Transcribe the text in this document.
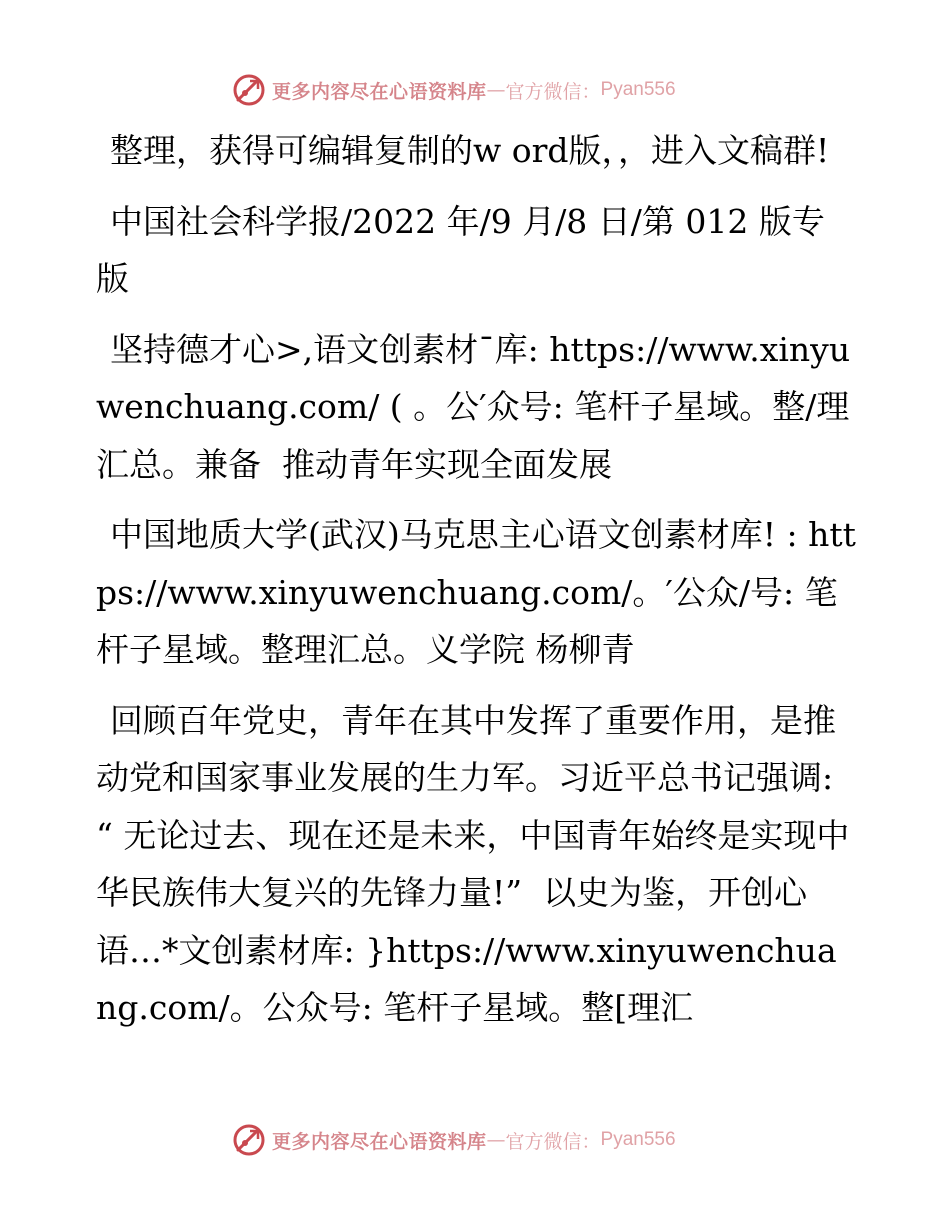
更多内容尽在心语资料库 — 官方微信： Pyan556

整理，获得可编辑复制的w ord版，，进入文稿群!

中国社会科学报/2022 年/9 月/8 日/第 012 版专版

坚持德才心>,语文创素材¯库: https://www.xinyuwenchuang.com/ ( 。公′众号: 笔杆子星域。整/理汇总。兼备  推动青年实现全面发展

中国地质大学(武汉)马克思主心语文创素材库! : https://www.xinyuwenchuang.com/。′公众/号: 笔杆子星域。整理汇总。义学院 杨柳青

回顾百年党史，青年在其中发挥了重要作用，是推动党和国家事业发展的生力军。习近平总书记强调: “ 无论过去、现在还是未来，中国青年始终是实现中华民族伟大复兴的先锋力量!”  以史为鉴，开创心语…*文创素材库: }https://www.xinyuwenchuang.com/。公众号: 笔杆子星域。整[理汇

更多内容尽在心语资料库 — 官方微信： Pyan556
